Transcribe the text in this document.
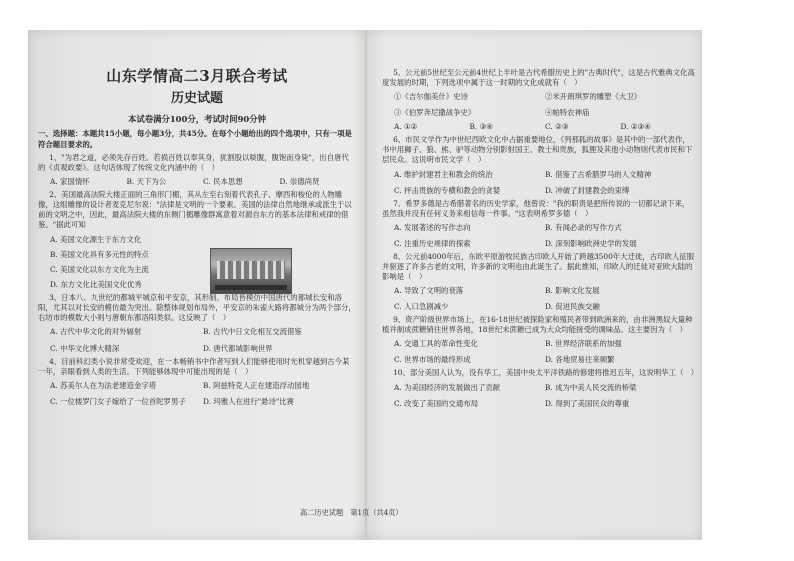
山东学情高二3月联合考试
历史试题
本试卷满分100分，考试时间90分钟

一、选择题：本题共15小题，每小题3分，共45分。在每个小题给出的四个选项中，只有一项是符合题目要求的。

1、"为君之道，必须先存百姓。若损百姓以奉其身，犹割股以啖腹，腹饱而身毙"，出自唐代的《贞观政要》。这句话体现了传统文化内涵中的（　）

A. 家国情怀	B. 天下为公	C. 民本思想	D. 崇德尚贤

2、美国最高法院大楼正面的三角形门楣，其从左至右刻着代表孔子、摩西和梭伦的人物雕像，这组雕像的设计者麦克尼尔说："法律是文明的一个要素。美国的法律自然地继承或派生于以前的文明之中，因此，最高法院大楼的东侧门楣雕像群寓意着对源自东方的基本法律和戒律的借鉴。"据此可知

A. 美国文化源生于东方文化
B. 美国文化具有多元性的特点
C. 美国文化以东方文化为主流
D. 东方文化比美国文化优秀

3、日本八、九世纪的都城平城京和平安京，其形制、布局皆模仿中国唐代的都城长安和洛阳，尤其以对长安的模仿最为突出。除整体规划布局外，平安京的朱雀大路将都城分为两个部分，右坊市的模数大小则与唐朝东都洛阳类似。这反映了（　）

A. 古代中华文化的对外辐射	B. 古代中日文化相互交流借鉴
C. 中华文化博大精深	D. 唐代都城影响世界

4、目前科幻类小说非常受欢迎，在一本畅销书中作者写到人们能够使用时光机穿越到古今某一年，亲眼看到人类的生活。下列能够体现中可能出现的是（　）

A. 苏美尔人在为法老建造金字塔	B. 阿兹特克人正在建造浮动园地
C. 一位楼罗门女子嫁给了一位首陀罗男子	D. 玛雅人在进行"悬诗"比赛

5、公元前5世纪至公元前4世纪上半叶是古代希腊历史上的"古典时代"，这是古代雅典文化高度发展的时期，下列选项中属于这一时期的文化成就有（　）

①《吉尔伽美什》史诗	②米开朗琪罗的雕塑《大卫》
③《伯罗奔尼撒战争史》	④帕特农神庙
A. ①②	B. ③④	C. ②③	D. ②③④

6、市民文学作为中世纪西欧文化中占据重要地位，《列那狐的故事》是其中的一部代表作，书中用狮子、狼、熊、驴等动物分别影射国王、教士和贵族，狐狸及其他小动物则代表市民和下层民众。这说明市民文学（　）

A. 维护封建君主和教会的统治	B. 借鉴了古希腊罗马的人文精神
C. 抨击贵族的专横和教会的贪婪	D. 冲破了封建教会的束缚

7、希罗多德是古希腊著名的历史学家，他曾说："我的职责是把所传说的一切都记录下来，虽然我并没有任何义务来相信每一件事。"这表明希罗多德（　）

A. 发展著述的写作志向	B. 有闻必录的写作方式
C. 注重历史规律的探索	D. 深刻影响欧洲史学的发展

8、公元前4000年后，东欧平原游牧民族古印欧人开始了跨越3500年大迁徙，古印欧人征服并驱逐了许多古老的文明，许多新的文明也由此诞生了。据此推知，印欧人的迁徙对亚欧大陆的影响是（　）

A. 导致了文明的衰落	B. 影响文化发展
C. 人口急剧减少	D. 促进民族交融

9、资产阶级世界市场上，在16-18世纪被探险家和殖民者带到欧洲来的，由非洲黑奴大量种植并制成蔗糖销往世界各地，18世纪末蔗糖已成为大众均能接受的调味品。这主要因为（　）

A. 交通工具的革命性变化	B. 世界经济联系的加强
C. 世界市场的最终形成	D. 各地贸易往来频繁

10、部分美国人认为，没有华工，美国中央太平洋铁路的修建将推迟五年，这说明华工（　）

A. 为美国经济的发展做出了贡献	B. 成为中美人民交流的桥梁
C. 改变了美国的交通布局	D. 得到了美国民众的尊重
高二历史试题　第1页（共4页）
